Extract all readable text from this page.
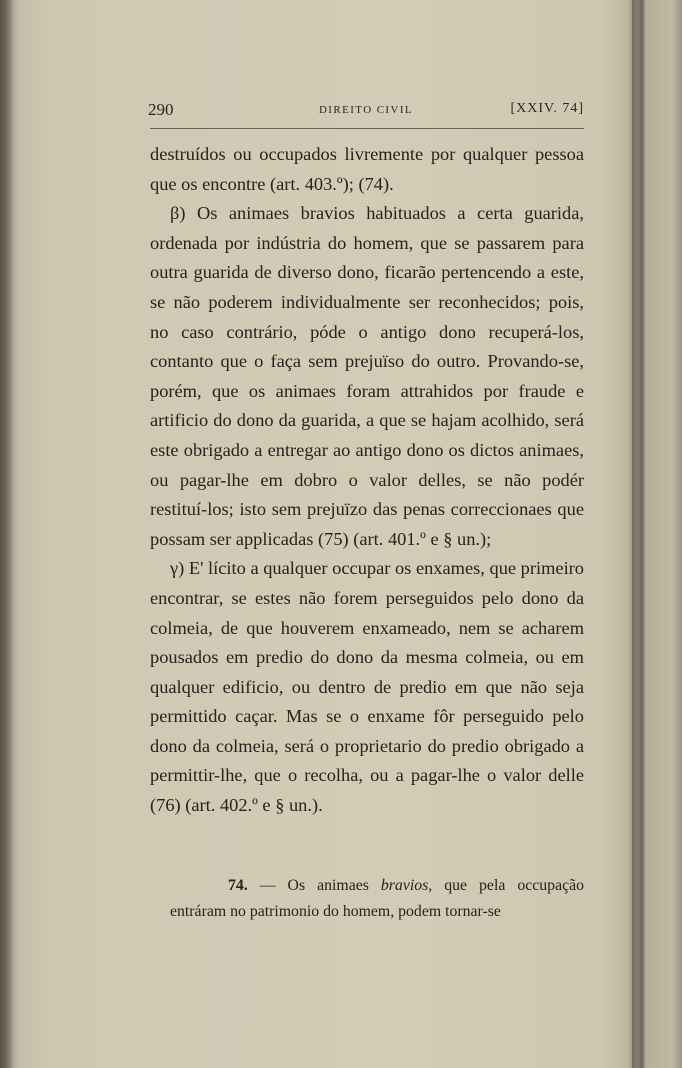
290	DIREITO CIVIL	[XXIV. 74]

destruídos ou occupados livremente por qualquer pessoa que os encontre (art. 403.º); (74).

β) Os animaes bravios habituados a certa guarida, ordenada por indústria do homem, que se passarem para outra guarida de diverso dono, ficarão pertencendo a este, se não poderem individualmente ser reconhecidos; pois, no caso contrário, póde o antigo dono recuperá-los, contanto que o faça sem prejuïso do outro. Provando-se, porém, que os animaes foram attrahidos por fraude e artificio do dono da guarida, a que se hajam acolhido, será este obrigado a entregar ao antigo dono os dictos animaes, ou pagar-lhe em dobro o valor delles, se não podér restituí-los; isto sem prejuïzo das penas correccionaes que possam ser applicadas (75) (art. 401.º e § un.);

γ) E' lícito a qualquer occupar os enxames, que primeiro encontrar, se estes não forem perseguidos pelo dono da colmeia, de que houverem enxameado, nem se acharem pousados em predio do dono da mesma colmeia, ou em qualquer edificio, ou dentro de predio em que não seja permittido caçar. Mas se o enxame fôr perseguido pelo dono da colmeia, será o proprietario do predio obrigado a permittir-lhe, que o recolha, ou a pagar-lhe o valor delle (76) (art. 402.º e § un.).

74. — Os animaes bravios, que pela occupação entráram no patrimonio do homem, podem tornar-se
